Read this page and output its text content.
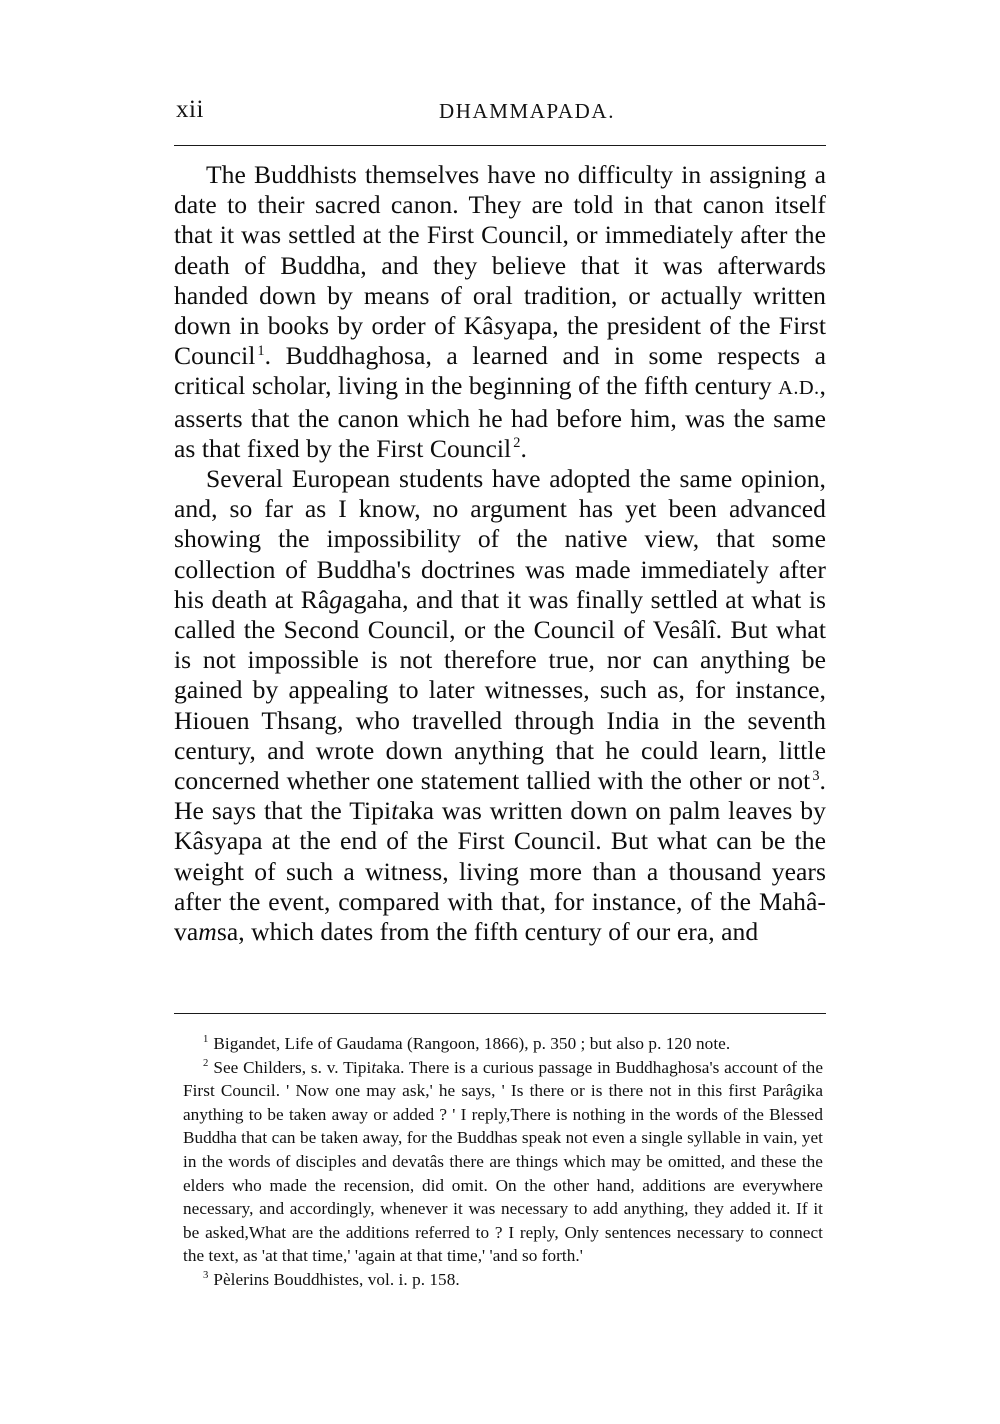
xii	DHAMMAPADA.

The Buddhists themselves have no difficulty in assigning a date to their sacred canon. They are told in that canon itself that it was settled at the First Council, or immediately after the death of Buddha, and they believe that it was afterwards handed down by means of oral tradition, or actually written down in books by order of Kâsyapa, the president of the First Council $^1$. Buddhaghosa, a learned and in some respects a critical scholar, living in the beginning of the fifth century A.D., asserts that the canon which he had before him, was the same as that fixed by the First Council $^2$.

Several European students have adopted the same opinion, and, so far as I know, no argument has yet been advanced showing the impossibility of the native view, that some collection of Buddha's doctrines was made immediately after his death at Râgagaha, and that it was finally settled at what is called the Second Council, or the Council of Vesâlî. But what is not impossible is not therefore true, nor can anything be gained by appealing to later witnesses, such as, for instance, Hiouen Thsang, who travelled through India in the seventh century, and wrote down anything that he could learn, little concerned whether one statement tallied with the other or not $^3$. He says that the Tipitaka was written down on palm leaves by Kâsyapa at the end of the First Council. But what can be the weight of such a witness, living more than a thousand years after the event, compared with that, for instance, of the Mahâ-vamsa, which dates from the fifth century of our era, and

$^1$ Bigandet, Life of Gaudama (Rangoon, 1866), p. 350 ; but also p. 120 note.

$^2$ See Childers, s. v. Tipitaka. There is a curious passage in Buddhaghosa's account of the First Council. ' Now one may ask,' he says, ' Is there or is there not in this first Parâgika anything to be taken away or added ? ' I reply,There is nothing in the words of the Blessed Buddha that can be taken away, for the Buddhas speak not even a single syllable in vain, yet in the words of disciples and devatâs there are things which may be omitted, and these the elders who made the recension, did omit. On the other hand, additions are everywhere necessary, and accordingly, whenever it was necessary to add anything, they added it. If it be asked,What are the additions referred to ? I reply, Only sentences necessary to connect the text, as 'at that time,' 'again at that time,' 'and so forth.'

$^3$ Pèlerins Bouddhistes, vol. i. p. 158.
